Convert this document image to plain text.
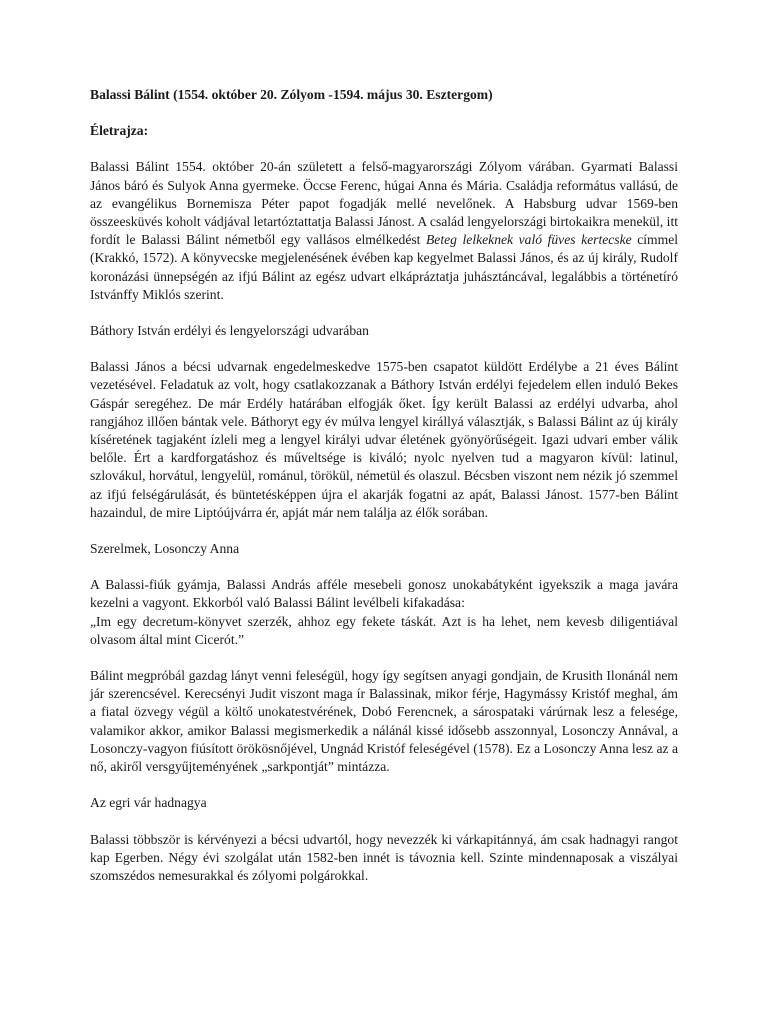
Balassi Bálint (1554. október 20. Zólyom -1594. május 30. Esztergom)

Életrajza:

Balassi Bálint 1554. október 20-án született a felső-magyarországi Zólyom várában. Gyarmati Balassi János báró és Sulyok Anna gyermeke. Öccse Ferenc, húgai Anna és Mária. Családja református vallású, de az evangélikus Bornemisza Péter papot fogadják mellé nevelőnek. A Habsburg udvar 1569-ben összeesküvés koholt vádjával letartóztattatja Balassi Jánost. A család lengyelországi birtokaikra menekül, itt fordít le Balassi Bálint németből egy vallásos elmélkedést Beteg lelkeknek való füves kertecske címmel (Krakkó, 1572). A könyvecske megjelenésének évében kap kegyelmet Balassi János, és az új király, Rudolf koronázási ünnepségén az ifjú Bálint az egész udvart elkápráztatja juhásztáncával, legalábbis a történetíró Istvánffy Miklós szerint.

Báthory István erdélyi és lengyelországi udvarában

Balassi János a bécsi udvarnak engedelmeskedve 1575-ben csapatot küldött Erdélybe a 21 éves Bálint vezetésével. Feladatuk az volt, hogy csatlakozzanak a Báthory István erdélyi fejedelem ellen induló Bekes Gáspár seregéhez. De már Erdély határában elfogják őket. Így került Balassi az erdélyi udvarba, ahol rangjához illően bántak vele. Báthoryt egy év múlva lengyel királlyá választják, s Balassi Bálint az új király kíséretének tagjaként ízleli meg a lengyel királyi udvar életének gyönyörűségeit. Igazi udvari ember válik belőle. Ért a kardforgatáshoz és műveltsége is kiváló; nyolc nyelven tud a magyaron kívül: latinul, szlovákul, horvátul, lengyelül, románul, törökül, németül és olaszul. Bécsben viszont nem nézik jó szemmel az ifjú felségárulását, és büntetésképpen újra el akarják fogatni az apát, Balassi Jánost. 1577-ben Bálint hazaindul, de mire Liptóújvárra ér, apját már nem találja az élők sorában.

Szerelmek, Losonczy Anna

A Balassi-fiúk gyámja, Balassi András afféle mesebeli gonosz unokabátyként igyekszik a maga javára kezelni a vagyont. Ekkorból való Balassi Bálint levélbeli kifakadása:
„Im egy decretum-könyvet szerzék, ahhoz egy fekete táskát. Azt is ha lehet, nem kevesb diligentiával olvasom által mint Cicerót.”

Bálint megpróbál gazdag lányt venni feleségül, hogy így segítsen anyagi gondjain, de Krusith Ilonánál nem jár szerencsével. Kerecsényi Judit viszont maga ír Balassinak, mikor férje, Hagymássy Kristóf meghal, ám a fiatal özvegy végül a költő unokatestvérének, Dobó Ferencnek, a sárospataki várúrnak lesz a felesége, valamikor akkor, amikor Balassi megismerkedik a nálánál kissé idősebb asszonnyal, Losonczy Annával, a Losonczy-vagyon fiúsított örökösnőjével, Ungnád Kristóf feleségével (1578). Ez a Losonczy Anna lesz az a nő, akiről versgyűjteményének „sarkpontját” mintázza.

Az egri vár hadnagya

Balassi többször is kérvényezi a bécsi udvartól, hogy nevezzék ki várkapitánnyá, ám csak hadnagyi rangot kap Egerben. Négy évi szolgálat után 1582-ben innét is távoznia kell. Szinte mindennaposak a viszályai szomszédos nemesurakkal és zólyomi polgárokkal.
